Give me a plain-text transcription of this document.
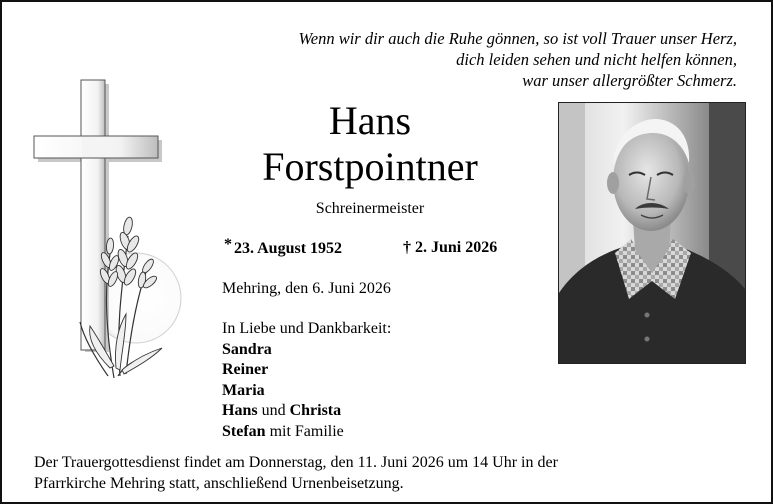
Wenn wir dir auch die Ruhe gönnen, so ist voll Trauer unser Herz,
dich leiden sehen und nicht helfen können,
war unser allergrößter Schmerz.
Hans
Forstpointner
Schreinermeister
* 23. August 1952	† 2. Juni 2026
Mehring, den 6. Juni 2026
In Liebe und Dankbarkeit:
Sandra
Reiner
Maria
Hans und Christa
Stefan mit Familie
Der Trauergottesdienst findet am Donnerstag, den 11. Juni 2026 um 14 Uhr in der
Pfarrkirche Mehring statt, anschließend Urnenbeisetzung.
